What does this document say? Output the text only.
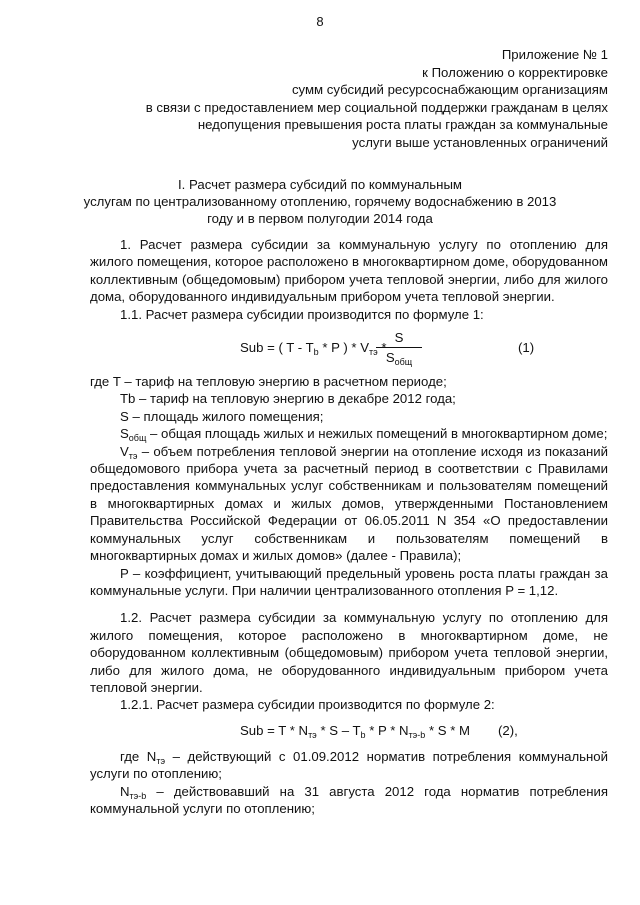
8
Приложение № 1
к Положению о корректировке
сумм субсидий ресурсоснабжающим организациям
в связи с предоставлением мер социальной поддержки гражданам в целях
недопущения превышения роста платы граждан за коммунальные
услуги выше установленных ограничений
I. Расчет размера субсидий по коммунальным
услугам по централизованному отоплению, горячему водоснабжению в 2013
году и в первом полугодии 2014 года

1. Расчет размера субсидии за коммунальную услугу по отоплению для жилого помещения, которое расположено в многоквартирном доме, оборудованном коллективным (общедомовым) прибором учета тепловой энергии, либо для жилого дома, оборудованного индивидуальным прибором учета тепловой энергии.

1.1. Расчет размера субсидии производится по формуле 1:

Sub = ( T - $T_b$ * P ) * $V_{тэ}$ *
S
$S_{общ}$
(1)

где T – тариф на тепловую энергию в расчетном периоде;

Tb – тариф на тепловую энергию в декабре 2012 года;

S – площадь жилого помещения;

$S_{общ}$ – общая площадь жилых и нежилых помещений в многоквартирном доме;

$V_{тэ}$ – объем потребления тепловой энергии на отопление исходя из показаний общедомового прибора учета за расчетный период в соответствии с Правилами предоставления коммунальных услуг собственникам и пользователям помещений в многоквартирных домах и жилых домов, утвержденными Постановлением Правительства Российской Федерации от 06.05.2011 N 354 «О предоставлении коммунальных услуг собственникам и пользователям помещений в многоквартирных домах и жилых домов» (далее - Правила);

P – коэффициент, учитывающий предельный уровень роста платы граждан за коммунальные услуги. При наличии централизованного отопления P = 1,12.

1.2. Расчет размера субсидии за коммунальную услугу по отоплению для жилого помещения, которое расположено в многоквартирном доме, не оборудованном коллективным (общедомовым) прибором учета тепловой энергии, либо для жилого дома, не оборудованного индивидуальным прибором учета тепловой энергии.

1.2.1. Расчет размера субсидии производится по формуле 2:

Sub = T * $N_{тэ}$ * S – $T_b$ * P * $N_{тэ-b}$ * S * M (2),

где $N_{тэ}$ – действующий с 01.09.2012 норматив потребления коммунальной услуги по отоплению;

$N_{тэ-b}$ – действовавший на 31 августа 2012 года норматив потребления коммунальной услуги по отоплению;
